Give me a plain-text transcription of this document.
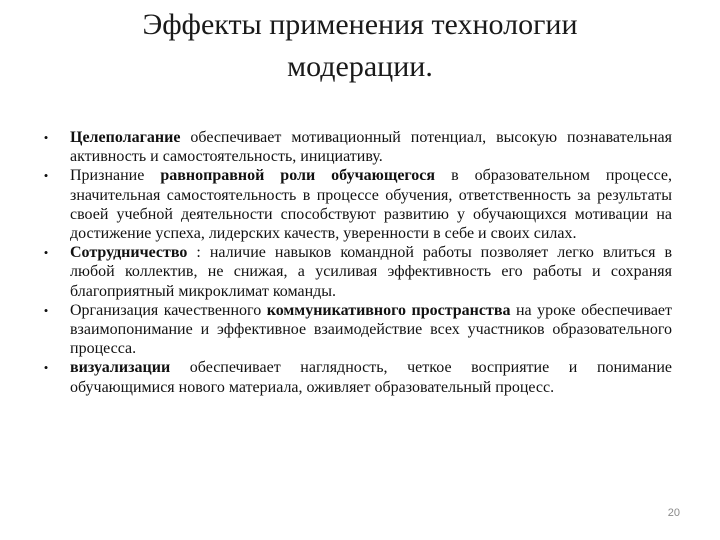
Эффекты применения технологии модерации.
• Целеполагание обеспечивает мотивационный потенциал, высокую познавательная активность и самостоятельность, инициативу.
• Признание равноправной роли обучающегося в образовательном процессе, значительная самостоятельность в процессе обучения, ответственность за результаты своей учебной деятельности способствуют развитию у обучающихся мотивации на достижение успеха, лидерских качеств, уверенности в себе и своих силах.
• Сотрудничество : наличие навыков командной работы позволяет легко влиться в любой коллектив, не снижая, а усиливая эффективность его работы и сохраняя благоприятный микроклимат команды.
• Организация качественного коммуникативного пространства на уроке обеспечивает взаимопонимание и эффективное взаимодействие всех участников образовательного процесса.
• визуализации обеспечивает наглядность, четкое восприятие и понимание обучающимися нового материала, оживляет образовательный процесс.
20
